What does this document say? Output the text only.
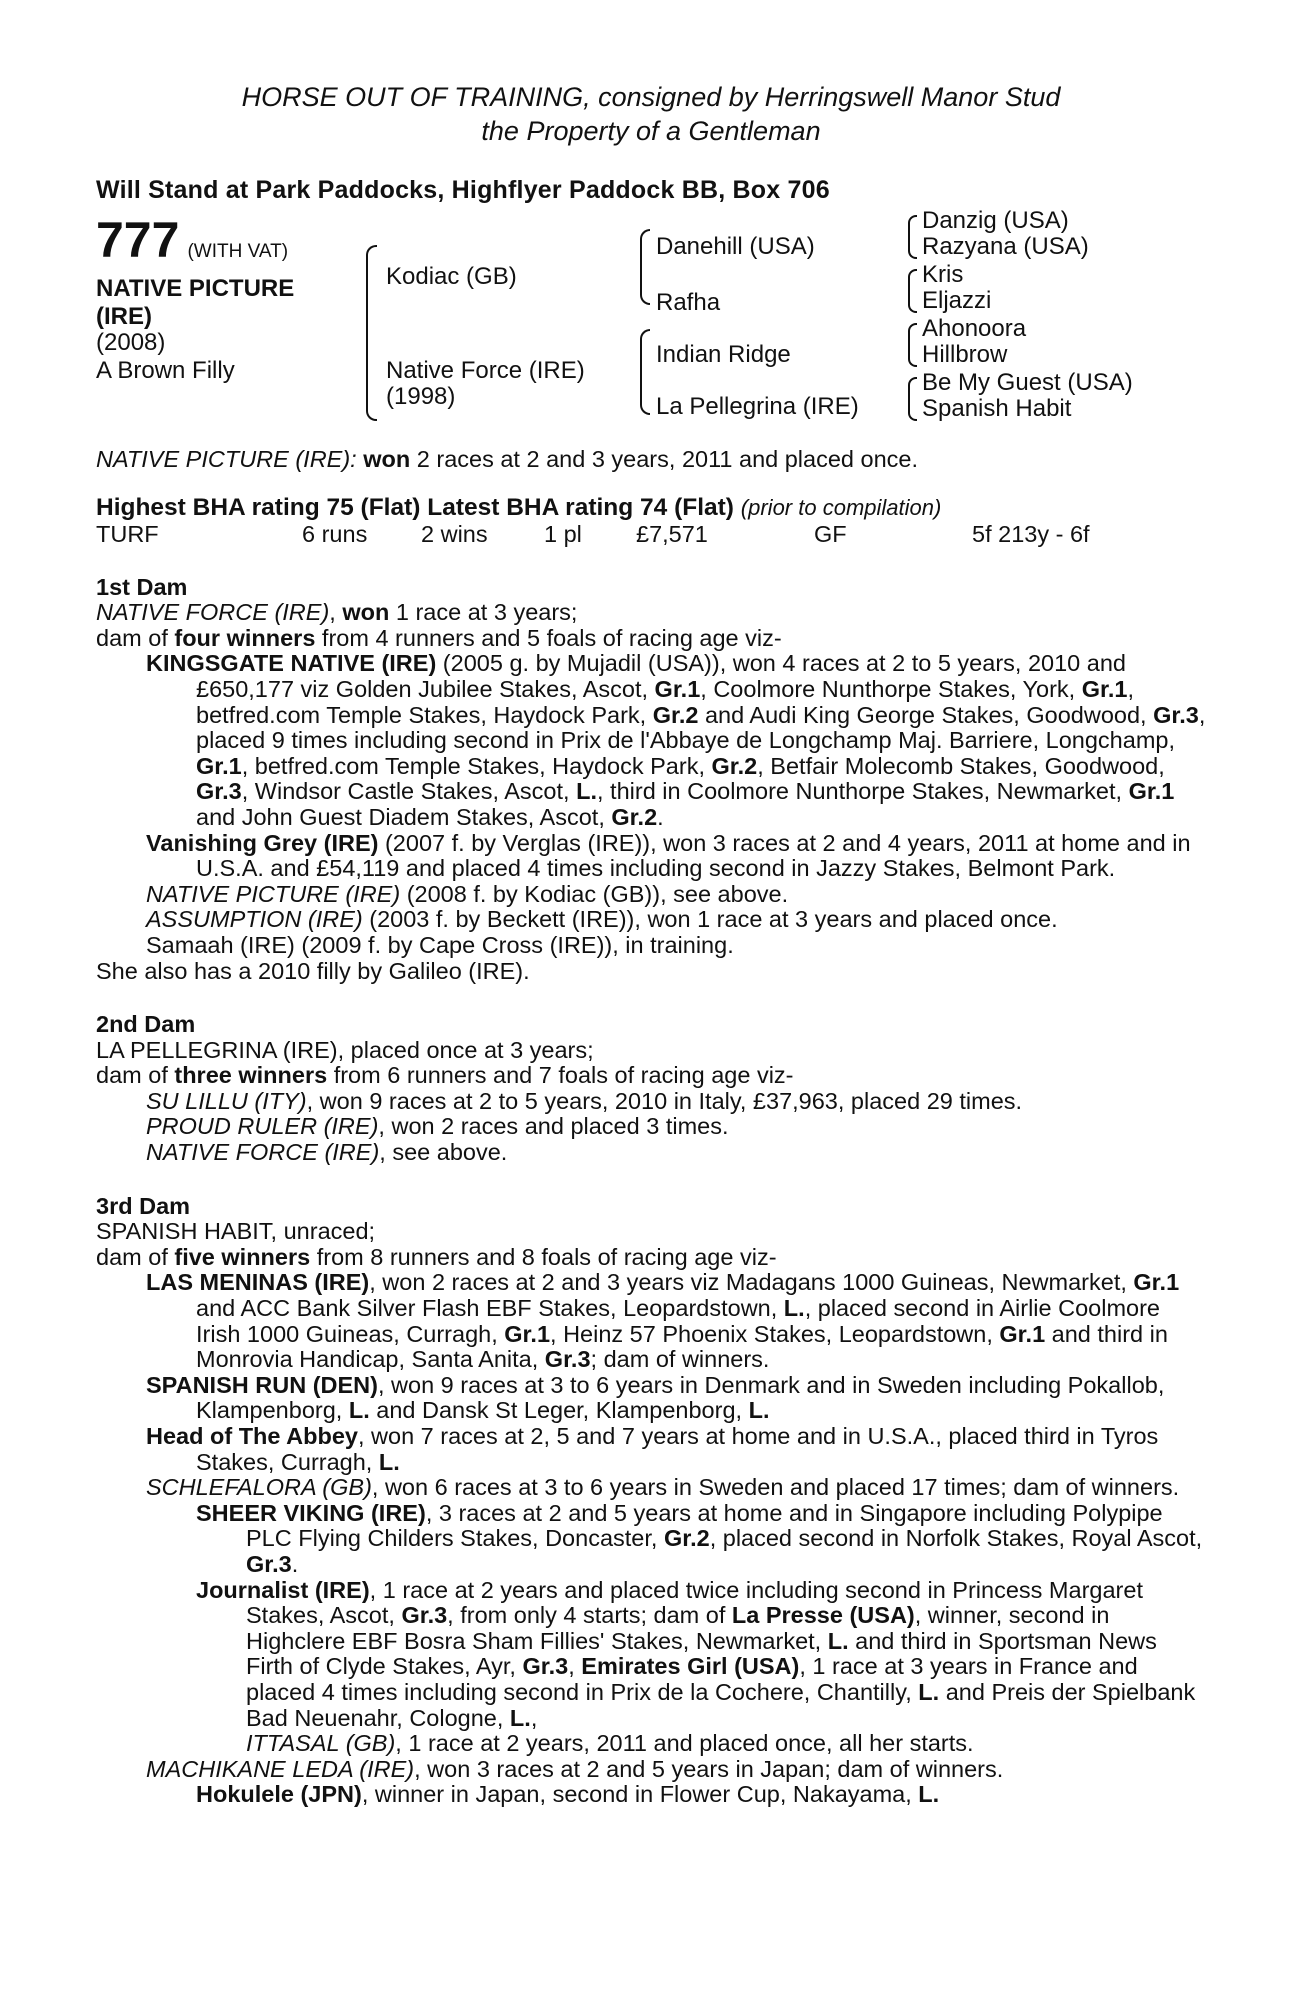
HORSE OUT OF TRAINING, consigned by Herringswell Manor Stud
the Property of a Gentleman
Will Stand at Park Paddocks, Highflyer Paddock BB, Box 706
777 (WITH VAT)
NATIVE PICTURE
(IRE)
(2008)
A Brown Filly
Kodiac (GB)
Native Force (IRE)
(1998)
Danehill (USA)
Rafha
Indian Ridge
La Pellegrina (IRE)
Danzig (USA)
Razyana (USA)
Kris
Eljazzi
Ahonoora
Hillbrow
Be My Guest (USA)
Spanish Habit

NATIVE PICTURE (IRE): won 2 races at 2 and 3 years, 2011 and placed once.

Highest BHA rating 75 (Flat) Latest BHA rating 74 (Flat) (prior to compilation)
TURF	6 runs 2 wins 1 pl £7,571	GF	5f 213y - 6f

1st Dam

NATIVE FORCE (IRE), won 1 race at 3 years;

dam of four winners from 4 runners and 5 foals of racing age viz-

KINGSGATE NATIVE (IRE) (2005 g. by Mujadil (USA)), won 4 races at 2 to 5 years, 2010 and £650,177 viz Golden Jubilee Stakes, Ascot, Gr.1, Coolmore Nunthorpe Stakes, York, Gr.1, betfred.com Temple Stakes, Haydock Park, Gr.2 and Audi King George Stakes, Goodwood, Gr.3, placed 9 times including second in Prix de l'Abbaye de Longchamp Maj. Barriere, Longchamp, Gr.1, betfred.com Temple Stakes, Haydock Park, Gr.2, Betfair Molecomb Stakes, Goodwood, Gr.3, Windsor Castle Stakes, Ascot, L., third in Coolmore Nunthorpe Stakes, Newmarket, Gr.1 and John Guest Diadem Stakes, Ascot, Gr.2.

Vanishing Grey (IRE) (2007 f. by Verglas (IRE)), won 3 races at 2 and 4 years, 2011 at home and in U.S.A. and £54,119 and placed 4 times including second in Jazzy Stakes, Belmont Park.

NATIVE PICTURE (IRE) (2008 f. by Kodiac (GB)), see above.

ASSUMPTION (IRE) (2003 f. by Beckett (IRE)), won 1 race at 3 years and placed once.

Samaah (IRE) (2009 f. by Cape Cross (IRE)), in training.

She also has a 2010 filly by Galileo (IRE).

2nd Dam

LA PELLEGRINA (IRE), placed once at 3 years;

dam of three winners from 6 runners and 7 foals of racing age viz-

SU LILLU (ITY), won 9 races at 2 to 5 years, 2010 in Italy, £37,963, placed 29 times.

PROUD RULER (IRE), won 2 races and placed 3 times.

NATIVE FORCE (IRE), see above.

3rd Dam

SPANISH HABIT, unraced;

dam of five winners from 8 runners and 8 foals of racing age viz-

LAS MENINAS (IRE), won 2 races at 2 and 3 years viz Madagans 1000 Guineas, Newmarket, Gr.1 and ACC Bank Silver Flash EBF Stakes, Leopardstown, L., placed second in Airlie Coolmore Irish 1000 Guineas, Curragh, Gr.1, Heinz 57 Phoenix Stakes, Leopardstown, Gr.1 and third in Monrovia Handicap, Santa Anita, Gr.3; dam of winners.

SPANISH RUN (DEN), won 9 races at 3 to 6 years in Denmark and in Sweden including Pokallob, Klampenborg, L. and Dansk St Leger, Klampenborg, L.

Head of The Abbey, won 7 races at 2, 5 and 7 years at home and in U.S.A., placed third in Tyros Stakes, Curragh, L.

SCHLEFALORA (GB), won 6 races at 3 to 6 years in Sweden and placed 17 times; dam of winners.

SHEER VIKING (IRE), 3 races at 2 and 5 years at home and in Singapore including Polypipe PLC Flying Childers Stakes, Doncaster, Gr.2, placed second in Norfolk Stakes, Royal Ascot, Gr.3.

Journalist (IRE), 1 race at 2 years and placed twice including second in Princess Margaret Stakes, Ascot, Gr.3, from only 4 starts; dam of La Presse (USA), winner, second in Highclere EBF Bosra Sham Fillies' Stakes, Newmarket, L. and third in Sportsman News Firth of Clyde Stakes, Ayr, Gr.3, Emirates Girl (USA), 1 race at 3 years in France and placed 4 times including second in Prix de la Cochere, Chantilly, L. and Preis der Spielbank Bad Neuenahr, Cologne, L.,
ITTASAL (GB), 1 race at 2 years, 2011 and placed once, all her starts.

MACHIKANE LEDA (IRE), won 3 races at 2 and 5 years in Japan; dam of winners.

Hokulele (JPN), winner in Japan, second in Flower Cup, Nakayama, L.
